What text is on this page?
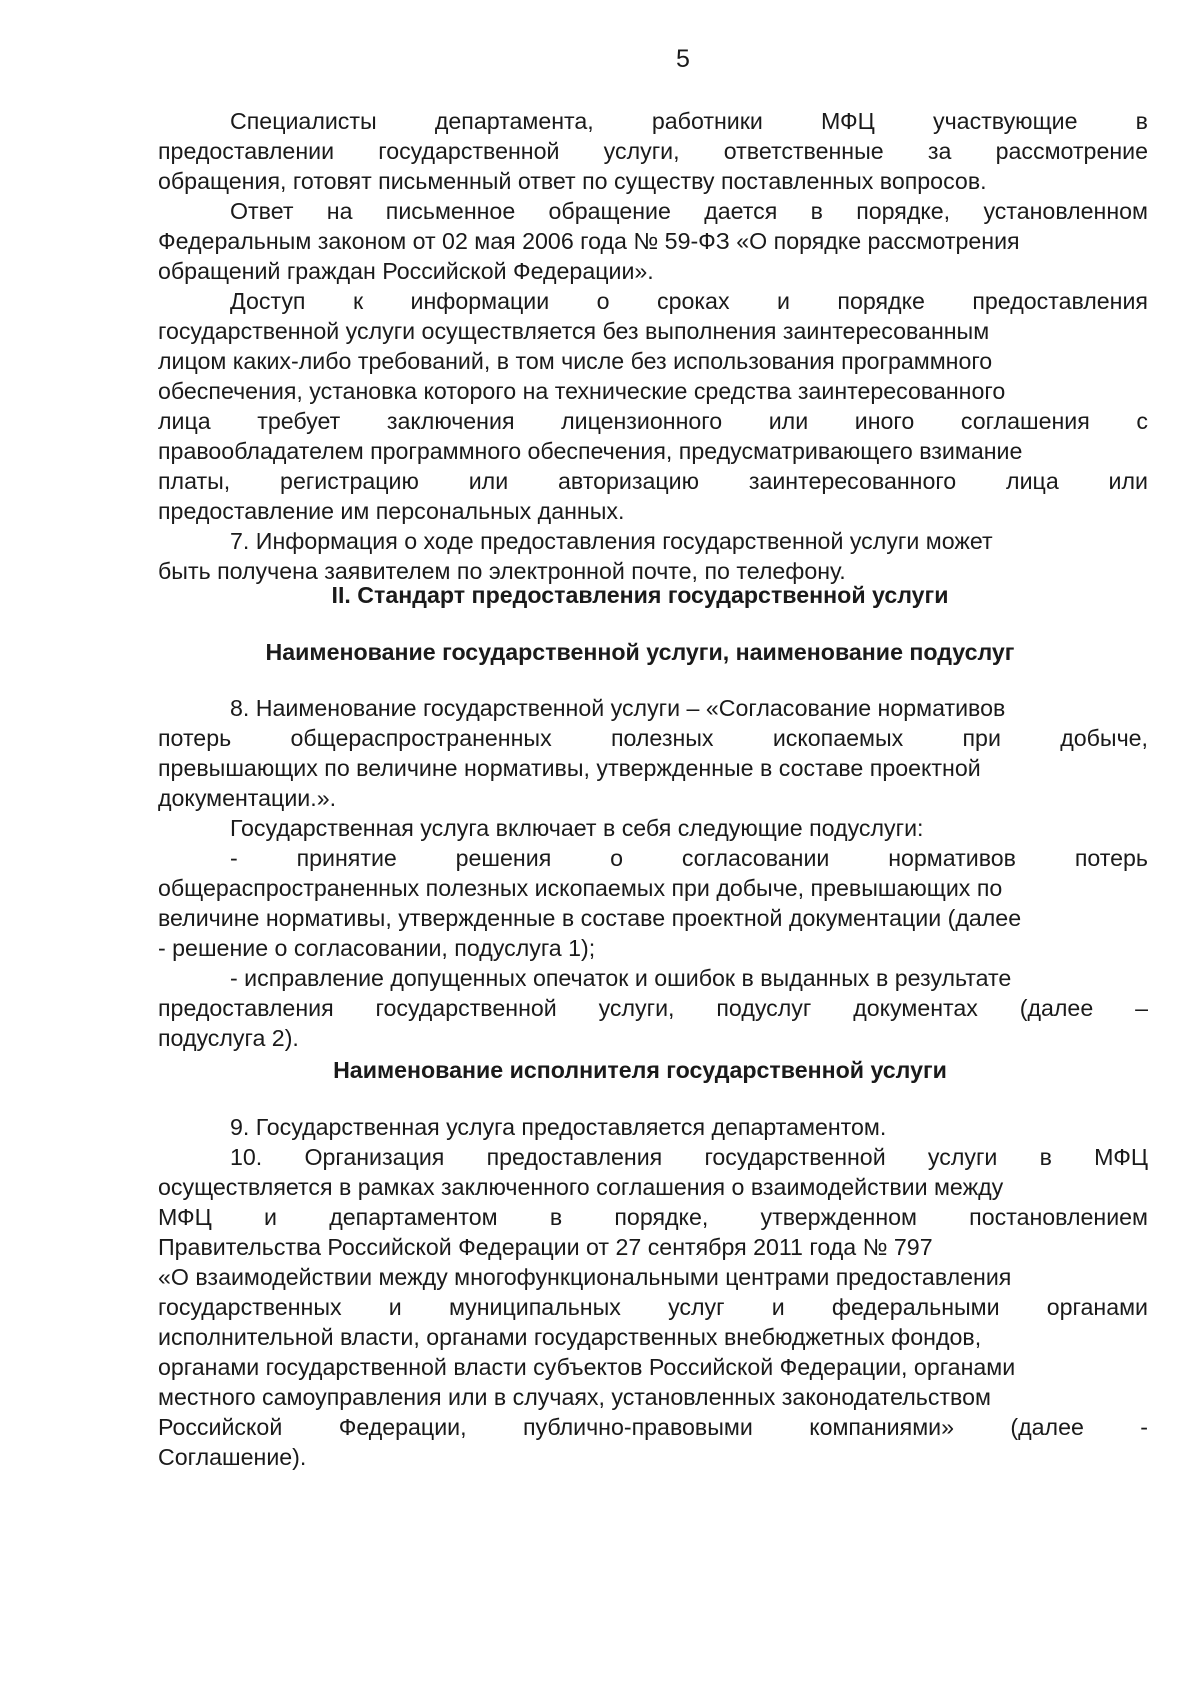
5
Специалисты департамента, работники МФЦ участвующие в
предоставлении государственной услуги, ответственные за рассмотрение
обращения, готовят письменный ответ по существу поставленных вопросов.
Ответ на письменное обращение дается в порядке, установленном
Федеральным законом от 02 мая 2006 года № 59-ФЗ «О порядке рассмотрения
обращений граждан Российской Федерации».
Доступ к информации о сроках и порядке предоставления
государственной услуги осуществляется без выполнения заинтересованным
лицом каких-либо требований, в том числе без использования программного
обеспечения, установка которого на технические средства заинтересованного
лица требует заключения лицензионного или иного соглашения с
правообладателем программного обеспечения, предусматривающего взимание
платы, регистрацию или авторизацию заинтересованного лица или
предоставление им персональных данных.
7. Информация о ходе предоставления государственной услуги может
быть получена заявителем по электронной почте, по телефону.
II. Стандарт предоставления государственной услуги
Наименование государственной услуги, наименование подуслуг
8. Наименование государственной услуги – «Согласование нормативов
потерь общераспространенных полезных ископаемых при добыче,
превышающих по величине нормативы, утвержденные в составе проектной
документации.».
Государственная услуга включает в себя следующие подуслуги:
- принятие решения о согласовании нормативов потерь
общераспространенных полезных ископаемых при добыче, превышающих по
величине нормативы, утвержденные в составе проектной документации (далее
- решение о согласовании, подуслуга 1);
- исправление допущенных опечаток и ошибок в выданных в результате
предоставления государственной услуги, подуслуг документах (далее –
подуслуга 2).
Наименование исполнителя государственной услуги
9. Государственная услуга предоставляется департаментом.
10. Организация предоставления государственной услуги в МФЦ
осуществляется в рамках заключенного соглашения о взаимодействии между
МФЦ и департаментом в порядке, утвержденном постановлением
Правительства Российской Федерации от 27 сентября 2011 года № 797
«О взаимодействии между многофункциональными центрами предоставления
государственных и муниципальных услуг и федеральными органами
исполнительной власти, органами государственных внебюджетных фондов,
органами государственной власти субъектов Российской Федерации, органами
местного самоуправления или в случаях, установленных законодательством
Российской Федерации, публично-правовыми компаниями» (далее -
Соглашение).
